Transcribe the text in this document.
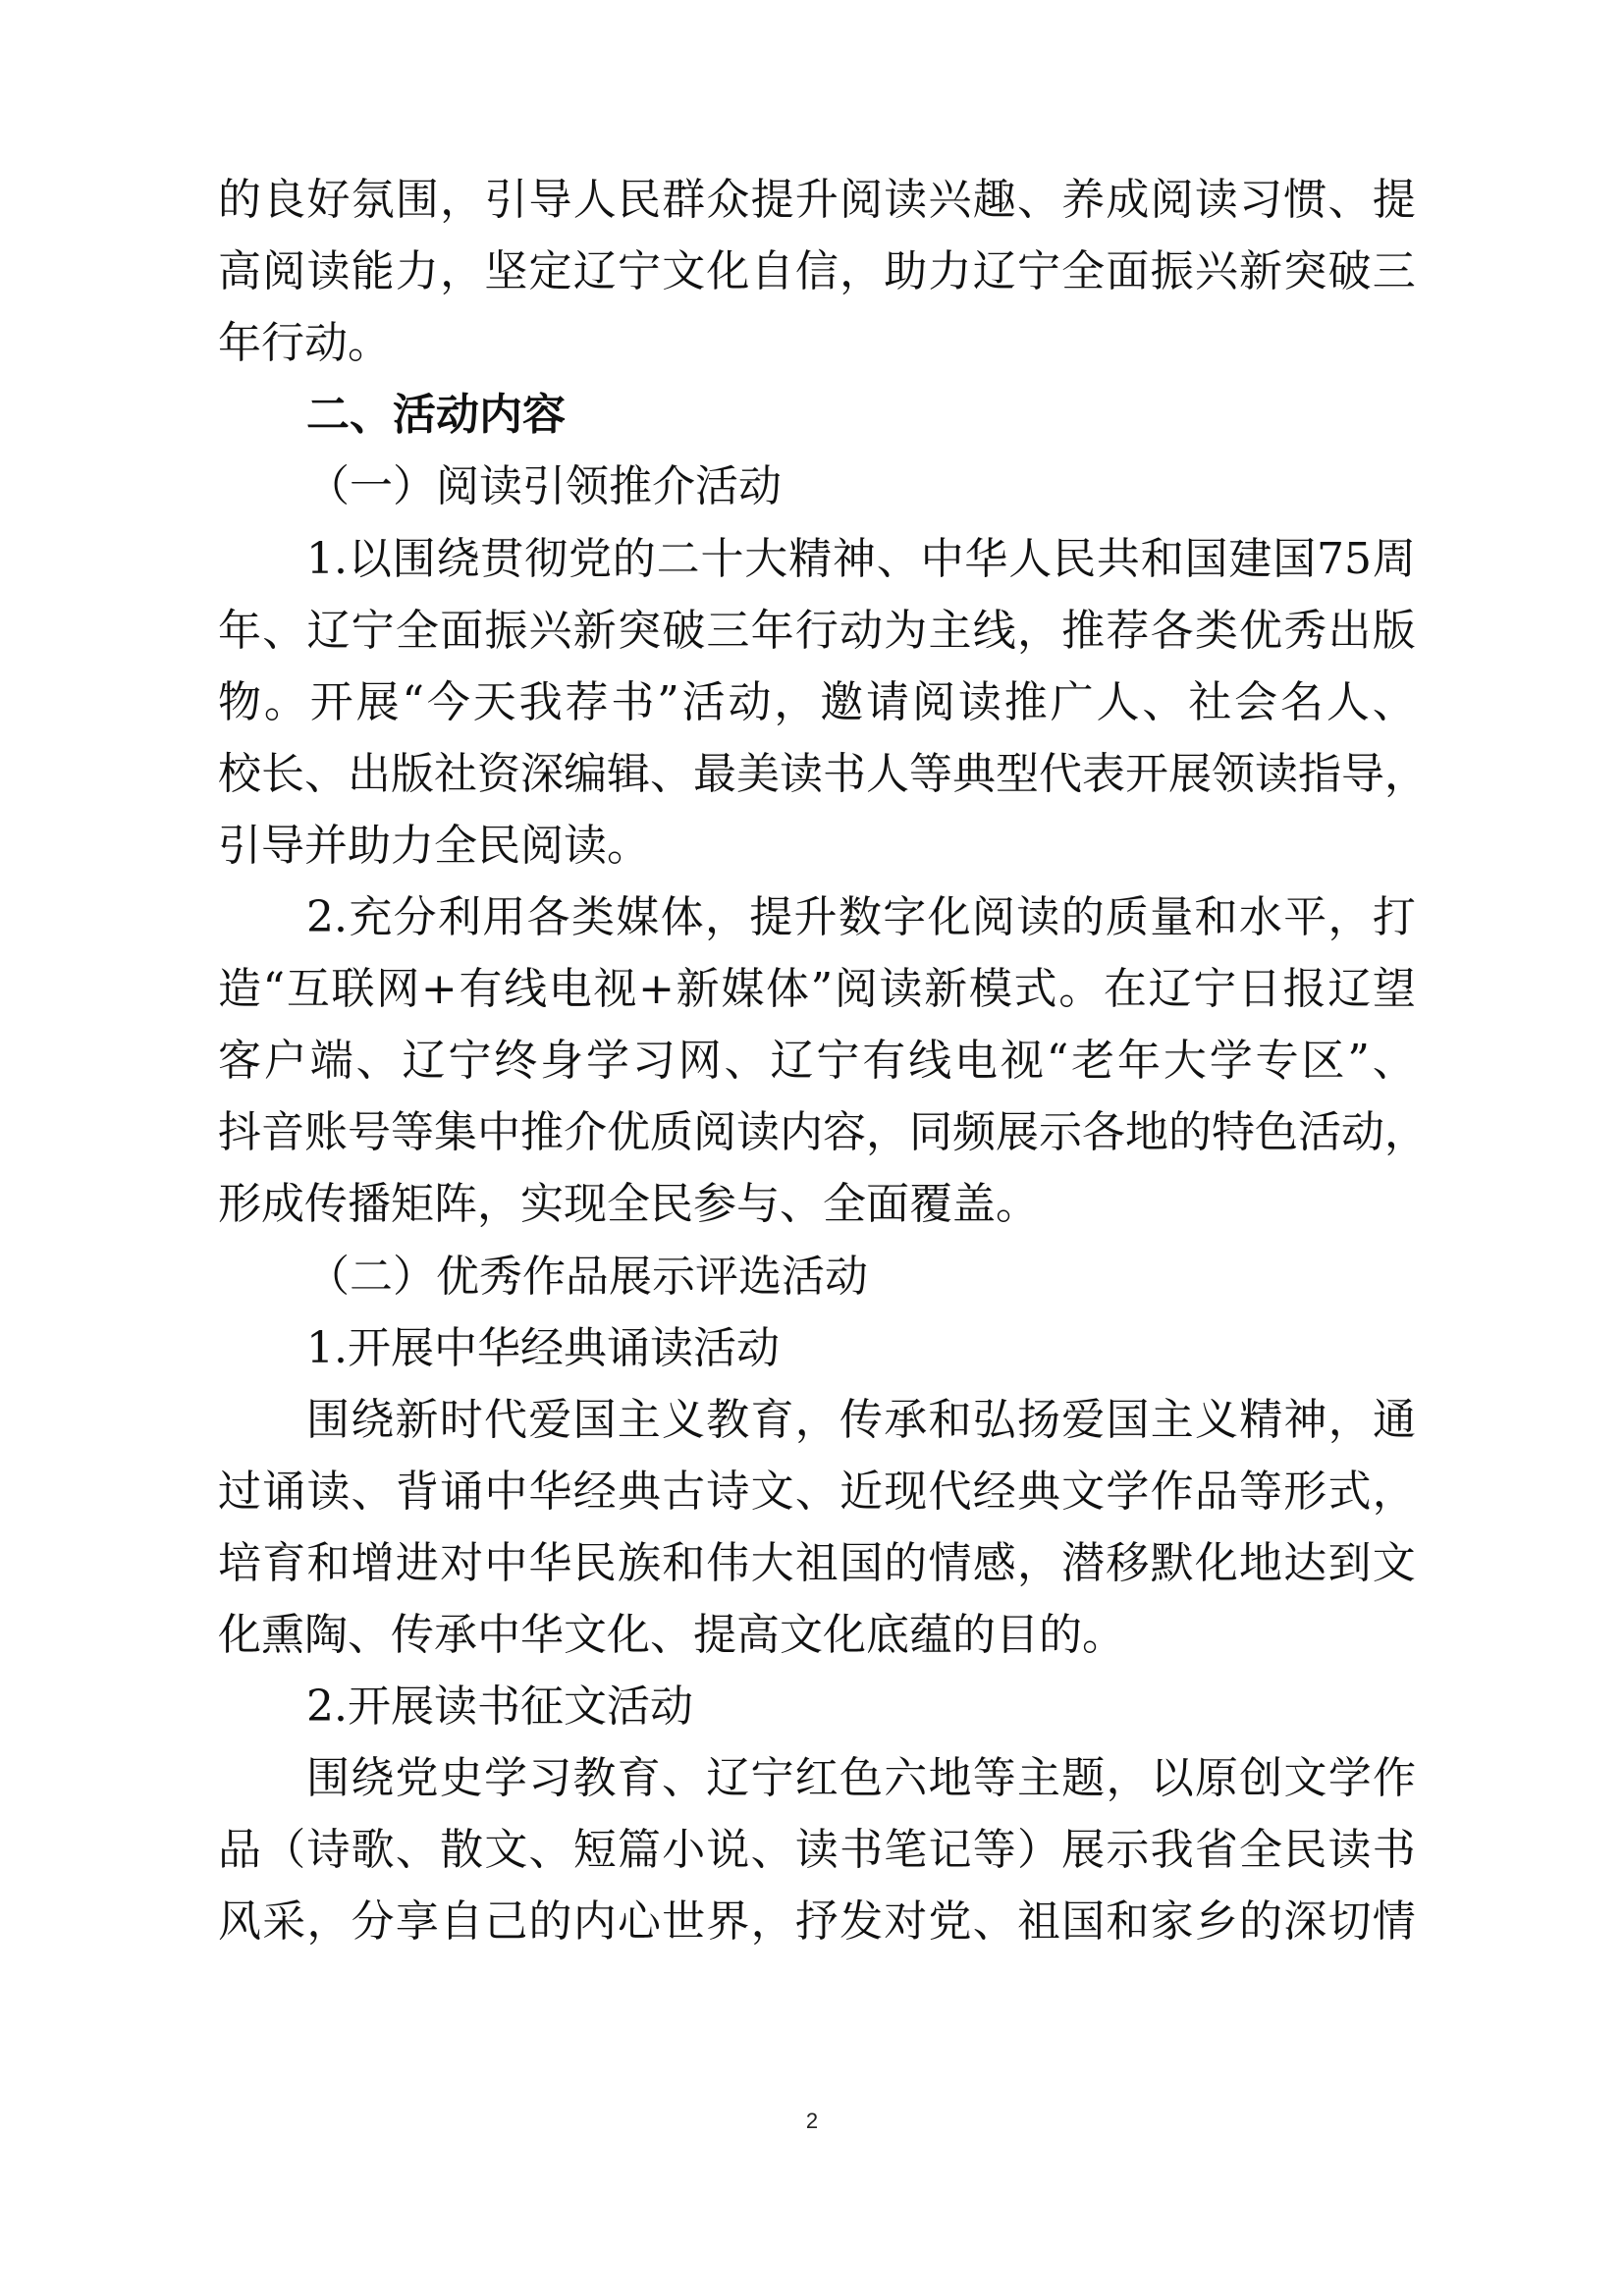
的 良 好 氛 围 ， 引 导 人 民 群 众 提 升 阅 读 兴 趣 、 养 成 阅 读 习 惯 、 提
高 阅 读 能 力 ， 坚 定 辽 宁 文 化 自 信 ， 助 力 辽 宁 全 面 振 兴 新 突 破 三
年行动。
二、活动内容
（一）阅读引领推介活动
1. 以 围 绕 贯 彻 党 的 二 十 大 精 神 、 中 华 人 民 共 和 国 建 国 75 周
年 、 辽 宁 全 面 振 兴 新 突 破 三 年 行 动 为 主 线 ， 推 荐 各 类 优 秀 出 版
物 。 开 展 “ 今 天 我 荐 书 ” 活 动 ， 邀 请 阅 读 推 广 人 、 社 会 名 人 、
校 长 、 出 版 社 资 深 编 辑 、 最 美 读 书 人 等 典 型 代 表 开 展 领 读 指 导 ，
引导并助力全民阅读。
2. 充 分 利 用 各 类 媒 体 ， 提 升 数 字 化 阅 读 的 质 量 和 水 平 ， 打
造 “ 互 联 网 + 有 线 电 视 + 新 媒 体 ” 阅 读 新 模 式 。 在 辽 宁 日 报 辽 望
客 户 端 、 辽 宁 终 身 学 习 网 、 辽 宁 有 线 电 视 “ 老 年 大 学 专 区 ” 、
抖 音 账 号 等 集 中 推 介 优 质 阅 读 内 容 ， 同 频 展 示 各 地 的 特 色 活 动 ，
形成传播矩阵，实现全民参与、全面覆盖。
（二）优秀作品展示评选活动
1.开展中华经典诵读活动
围 绕 新 时 代 爱 国 主 义 教 育 ， 传 承 和 弘 扬 爱 国 主 义 精 神 ， 通
过 诵 读 、 背 诵 中 华 经 典 古 诗 文 、 近 现 代 经 典 文 学 作 品 等 形 式 ，
培 育 和 增 进 对 中 华 民 族 和 伟 大 祖 国 的 情 感 ， 潜 移 默 化 地 达 到 文
化熏陶、传承中华文化、提高文化底蕴的目的。
2.开展读书征文活动
围 绕 党 史 学 习 教 育 、 辽 宁 红 色 六 地 等 主 题 ， 以 原 创 文 学 作
品 （ 诗 歌 、 散 文 、 短 篇 小 说 、 读 书 笔 记 等 ） 展 示 我 省 全 民 读 书
风 采 ， 分 享 自 己 的 内 心 世 界 ， 抒 发 对 党 、 祖 国 和 家 乡 的 深 切 情
2
